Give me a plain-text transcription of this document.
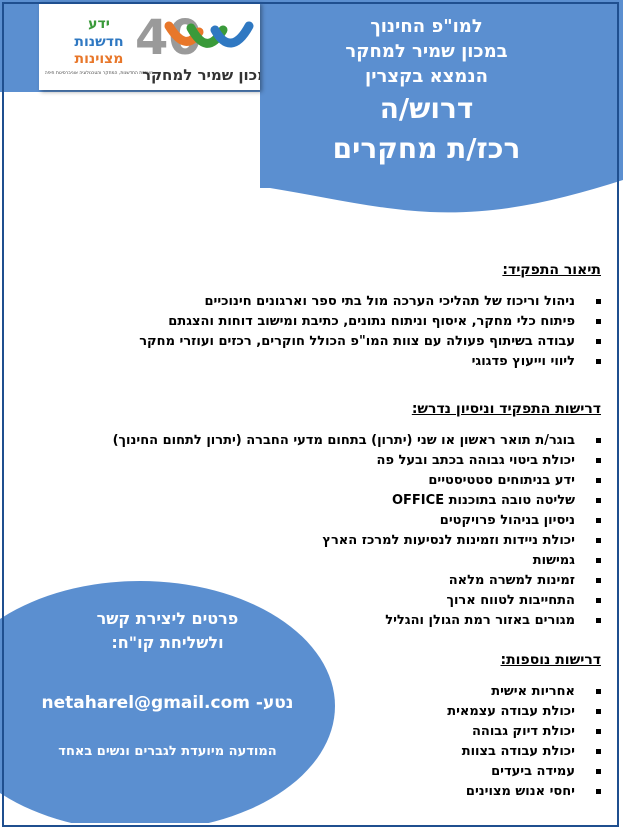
40
ידע
חדשנות
מצוינות
מעבדת החדשנות, המחקר והטכנולוגיה אוניברסיטת חיפה
מכון שמיר למחקר

למו"פ החינוך

במכון שמיר למחקר

הנמצא בקצרין

דרוש/ה

רכז/ת מחקרים

תיאור התפקיד:

ניהול וריכוז של תהליכי הערכה מול בתי ספר וארגונים חינוכיים
פיתוח כלי מחקר, איסוף וניתוח נתונים, כתיבת ומישוב דוחות והצגתם
עבודה בשיתוף פעולה עם צוות המו"פ הכולל חוקרים, רכזים ועוזרי מחקר
ליווי וייעוץ פדגוגי

דרישות התפקיד וניסיון נדרש:

בוגר/ת תואר ראשון או שני (יתרון) בתחום מדעי החברה (יתרון לתחום החינוך)
יכולת ביטוי גבוהה בכתב ובעל פה
ידע בניתוחים סטטיסטיים
שליטה טובה בתוכנות OFFICE
ניסיון בניהול פרויקטים
יכולת ניידות וזמינות לנסיעות למרכז הארץ
גמישות
זמינות למשרה מלאה
התחייבות לטווח ארוך
מגורים באזור רמת הגולן והגליל

דרישות נוספות:

אחריות אישית
יכולת עבודה עצמאית
יכולת דיוק גבוהה
יכולת עבודה בצוות
עמידה ביעדים
יחסי אנוש מצוינים

פרטים ליצירת קשר

ולשליחת קו"ח:

נטע- netaharel@gmail.com

המודעה מיועדת לגברים ונשים באחד
